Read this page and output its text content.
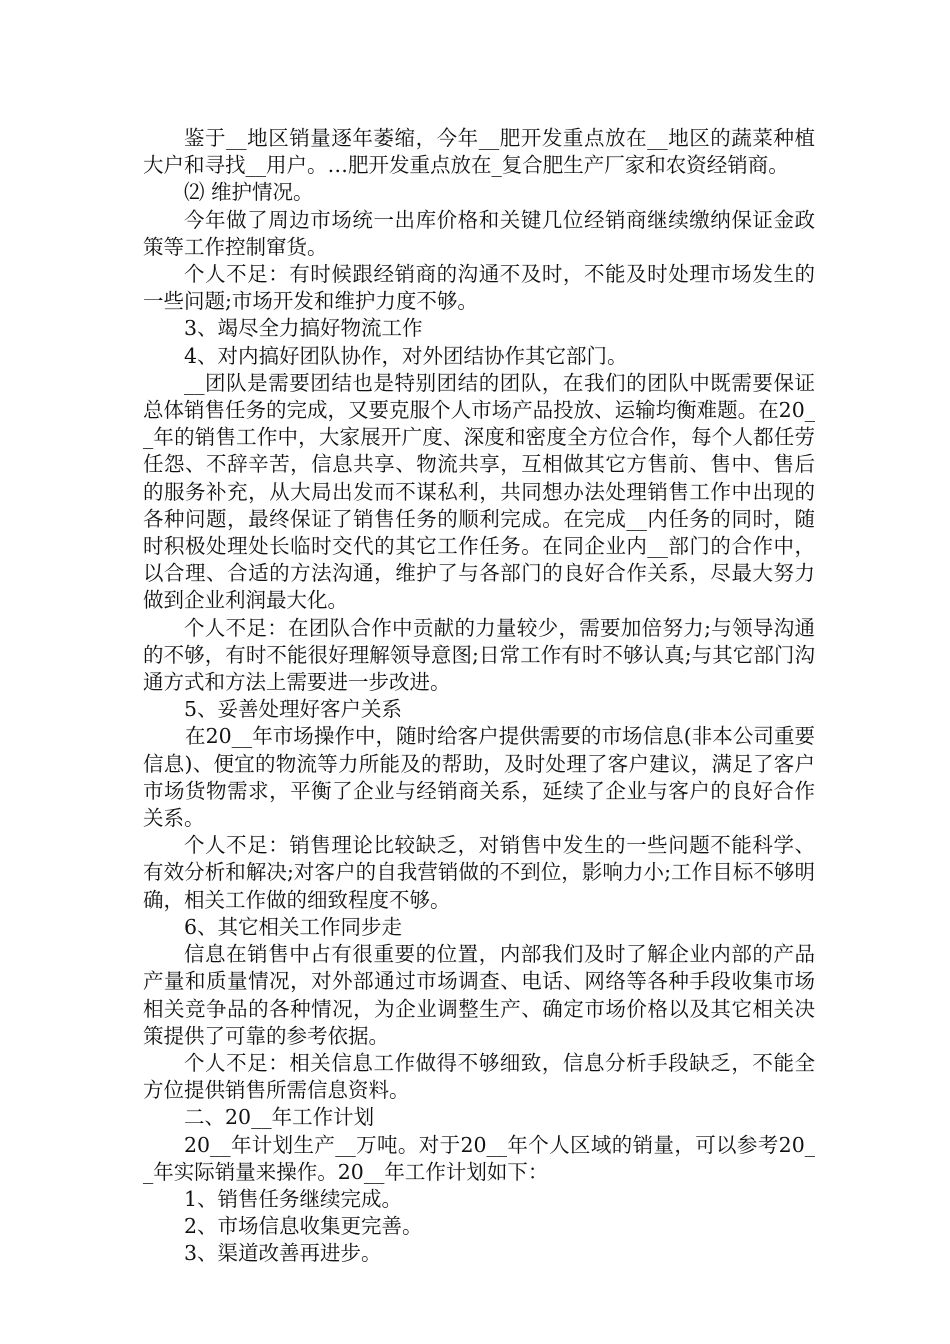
鉴于__地区销量逐年萎缩，今年__肥开发重点放在__地区的蔬菜种植大户和寻找__用户。…肥开发重点放在_复合肥生产厂家和农资经销商。

⑵ 维护情况。

今年做了周边市场统一出库价格和关键几位经销商继续缴纳保证金政策等工作控制窜货。

个人不足：有时候跟经销商的沟通不及时，不能及时处理市场发生的一些问题;市场开发和维护力度不够。

3、竭尽全力搞好物流工作

4、对内搞好团队协作，对外团结协作其它部门。

__团队是需要团结也是特别团结的团队，在我们的团队中既需要保证总体销售任务的完成，又要克服个人市场产品投放、运输均衡难题。在20__年的销售工作中，大家展开广度、深度和密度全方位合作，每个人都任劳任怨、不辞辛苦，信息共享、物流共享，互相做其它方售前、售中、售后的服务补充，从大局出发而不谋私利，共同想办法处理销售工作中出现的各种问题，最终保证了销售任务的顺利完成。在完成__内任务的同时，随时积极处理处长临时交代的其它工作任务。在同企业内__部门的合作中，以合理、合适的方法沟通，维护了与各部门的良好合作关系，尽最大努力做到企业利润最大化。

个人不足：在团队合作中贡献的力量较少，需要加倍努力;与领导沟通的不够，有时不能很好理解领导意图;日常工作有时不够认真;与其它部门沟通方式和方法上需要进一步改进。

5、妥善处理好客户关系

在20__年市场操作中，随时给客户提供需要的市场信息(非本公司重要信息)、便宜的物流等力所能及的帮助，及时处理了客户建议，满足了客户市场货物需求，平衡了企业与经销商关系，延续了企业与客户的良好合作关系。

个人不足：销售理论比较缺乏，对销售中发生的一些问题不能科学、有效分析和解决;对客户的自我营销做的不到位，影响力小;工作目标不够明确，相关工作做的细致程度不够。

6、其它相关工作同步走

信息在销售中占有很重要的位置，内部我们及时了解企业内部的产品产量和质量情况，对外部通过市场调查、电话、网络等各种手段收集市场相关竞争品的各种情况，为企业调整生产、确定市场价格以及其它相关决策提供了可靠的参考依据。

个人不足：相关信息工作做得不够细致，信息分析手段缺乏，不能全方位提供销售所需信息资料。

二、20__年工作计划

20__年计划生产__万吨。对于20__年个人区域的销量，可以参考20__年实际销量来操作。20__年工作计划如下：

1、销售任务继续完成。

2、市场信息收集更完善。

3、渠道改善再进步。
